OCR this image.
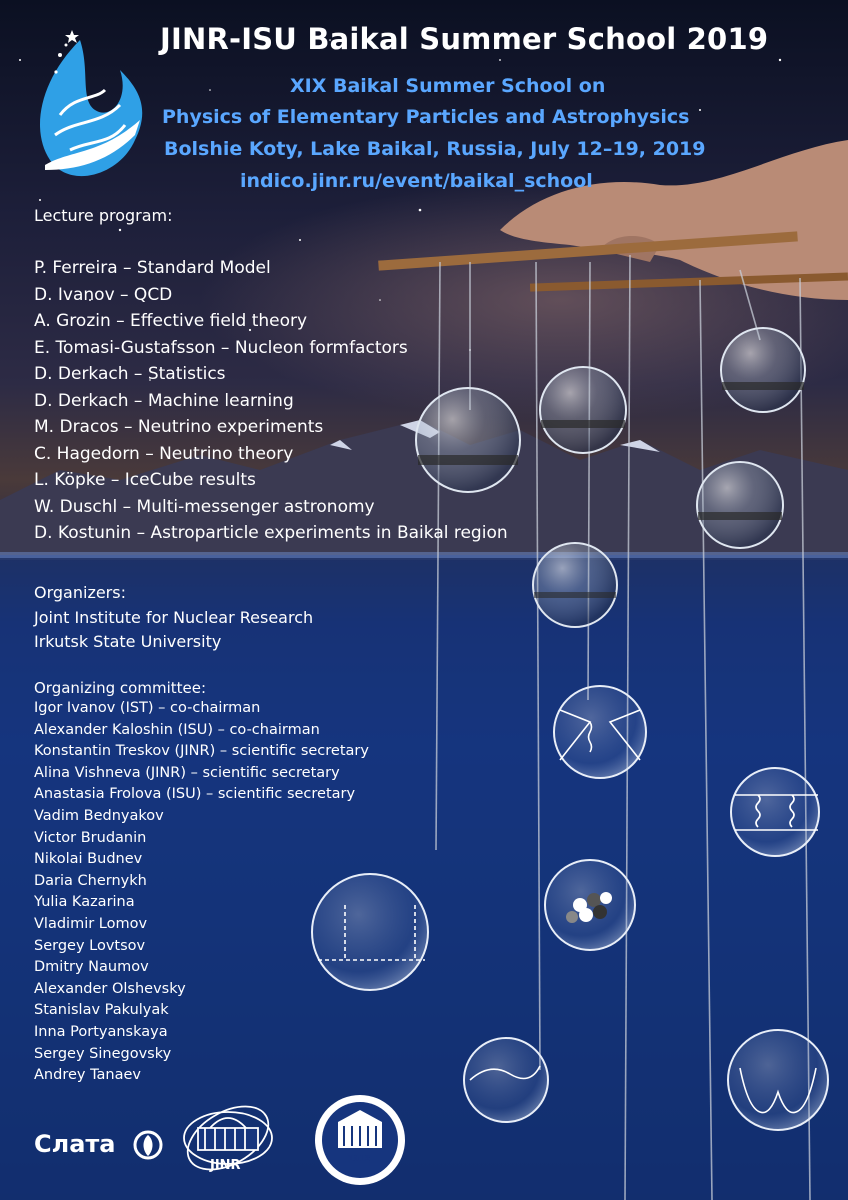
JINR-ISU Baikal Summer School 2019
XIX Baikal Summer School on
Physics of Elementary Particles and Astrophysics
Bolshie Koty, Lake Baikal, Russia, July 12–19, 2019
indico.jinr.ru/event/baikal_school
Lecture program:
P. Ferreira – Standard Model
D. Ivanov – QCD
A. Grozin – Effective field theory
E. Tomasi-Gustafsson – Nucleon formfactors
D. Derkach – Statistics
D. Derkach – Machine learning
M. Dracos – Neutrino experiments
C. Hagedorn – Neutrino theory
L. Köpke – IceCube results
W. Duschl – Multi-messenger astronomy
D. Kostunin – Astroparticle experiments in Baikal region
Organizers:
Joint Institute for Nuclear Research
Irkutsk State University
Organizing committee:
Igor Ivanov (IST) – co-chairman
Alexander Kaloshin (ISU) – co-chairman
Konstantin Treskov (JINR) – scientific secretary
Alina Vishneva (JINR) – scientific secretary
Anastasia Frolova (ISU) – scientific secretary
Vadim Bednyakov
Victor Brudanin
Nikolai Budnev
Daria Chernykh
Yulia Kazarina
Vladimir Lomov
Sergey Lovtsov
Dmitry Naumov
Alexander Olshevsky
Stanislav Pakulyak
Inna Portyanskaya
Sergey Sinegovsky
Andrey Tanaev
Слата
JINR	1918
